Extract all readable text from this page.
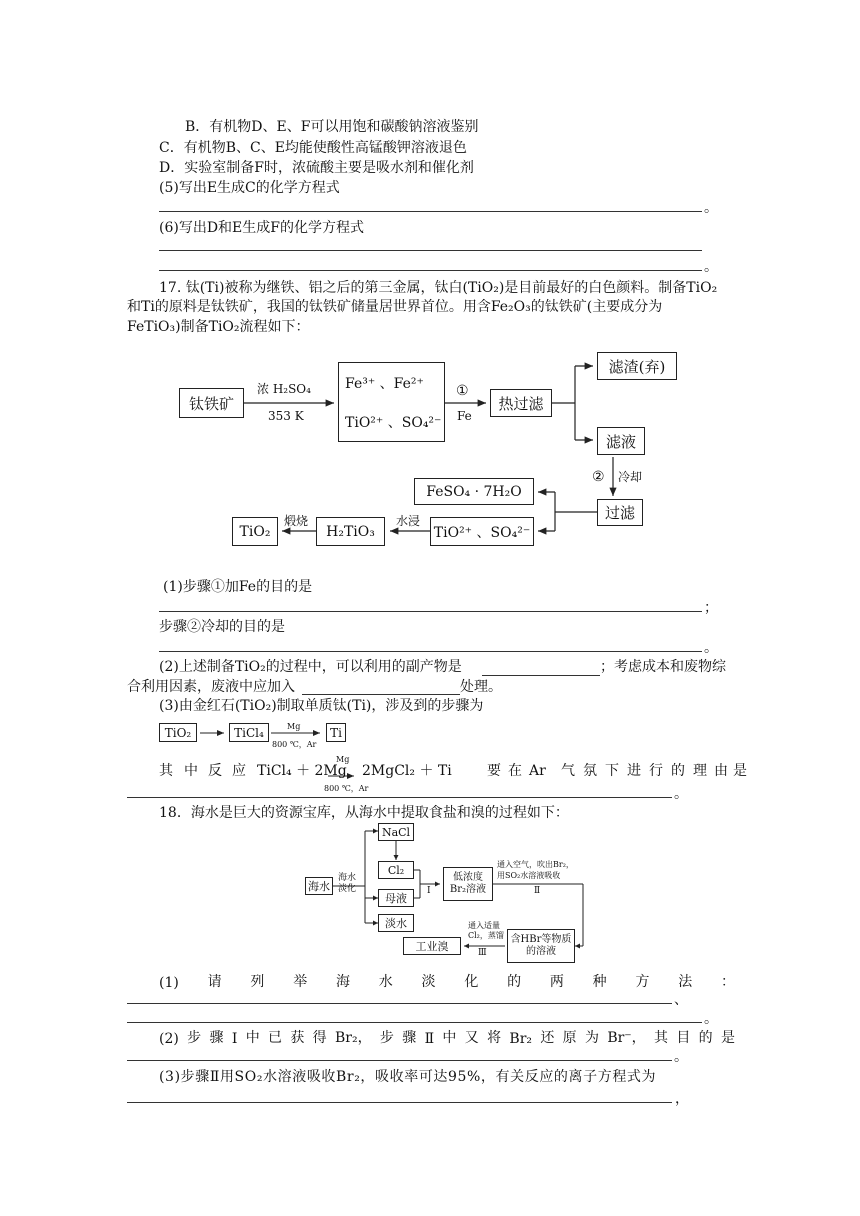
B．有机物D、E、F可以用饱和碳酸钠溶液鉴别
C．有机物B、C、E均能使酸性高锰酸钾溶液退色
D．实验室制备F时，浓硫酸主要是吸水剂和催化剂
(5)写出E生成C的化学方程式
。
(6)写出D和E生成F的化学方程式
。
17. 钛(Ti)被称为继铁、铝之后的第三金属，钛白(TiO₂)是目前最好的白色颜料。制备TiO₂
和Ti的原料是钛铁矿，我国的钛铁矿储量居世界首位。用含Fe₂O₃的钛铁矿(主要成分为
FeTiO₃)制备TiO₂流程如下：
钛铁矿
浓 H₂SO₄
353 K
Fe³⁺ 、Fe²⁺
TiO²⁺ 、SO₄²⁻
①
Fe
热过滤
滤渣(弃)
滤液
② 冷却
过滤
FeSO₄ · 7H₂O
TiO²⁺ 、SO₄²⁻
水浸
H₂TiO₃
煅烧
TiO₂
(1)步骤①加Fe的目的是
；
步骤②冷却的目的是
。
(2)上述制备TiO₂的过程中，可以利用的副产物是	；考虑成本和废物综
合利用因素，废液中应加入	处理。
(3)由金红石(TiO₂)制取单质钛(Ti)，涉及到的步骤为
TiO₂	TiCl₄	Mg
800 ℃，Ar
Ti
其 中 反 应 TiCl₄ ＋ 2Mg
Mg
800 ℃，Ar
2MgCl₂ ＋ Ti	要 在 Ar 气 氛 下 进 行 的 理 由 是
。
18．海水是巨大的资源宝库，从海水中提取食盐和溴的过程如下：
海水
海水淡化
NaCl
Cl₂
母液
淡水
Ⅰ
低浓度Br₂溶液
通入空气，吹出Br₂，
用SO₂水溶液吸收
Ⅱ
含HBr等物质的溶液
通入适量
Cl₂，蒸馏
Ⅲ
工业溴
(1) 请 列 举 海 水 淡 化 的 两 种 方 法 ：
、
。
(2) 步 骤 Ⅰ 中 已 获 得 Br₂， 步 骤 Ⅱ 中 又 将 Br₂ 还 原 为 Br⁻， 其 目 的 是
。
(3)步骤Ⅱ用SO₂水溶液吸收Br₂，吸收率可达95%，有关反应的离子方程式为
，
